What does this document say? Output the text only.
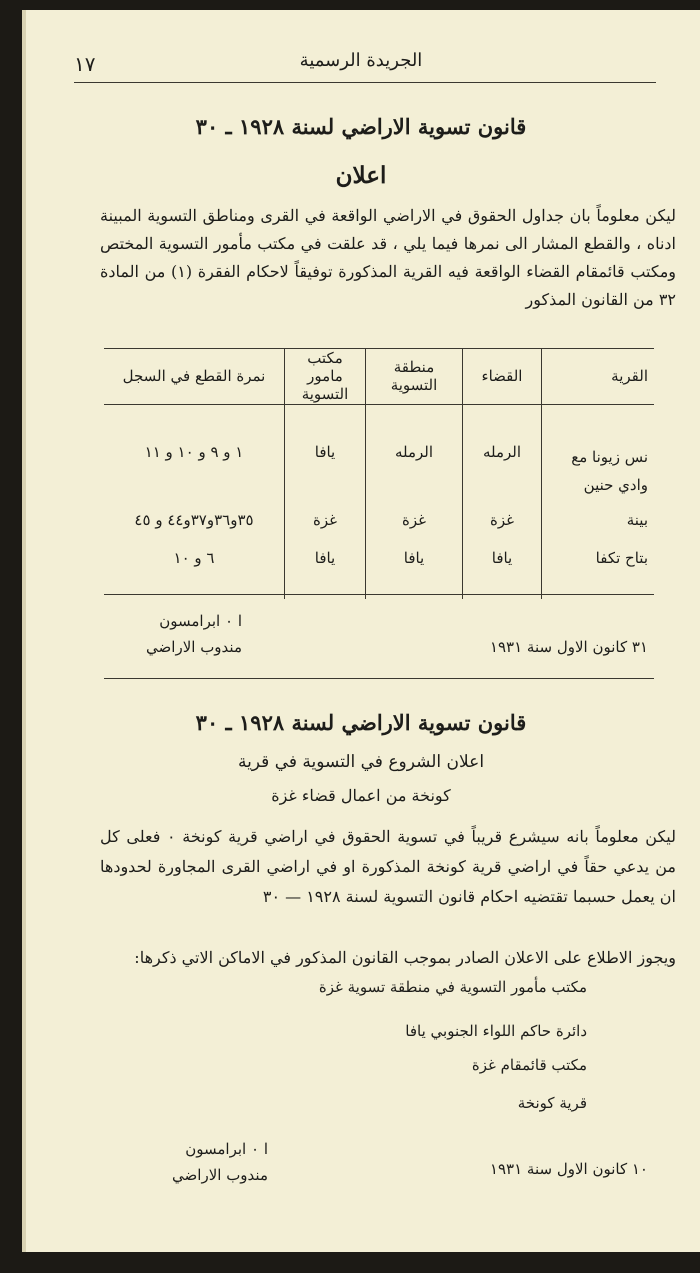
١٧	الجريدة الرسمية
قانون تسوية الاراضي لسنة ١٩٢٨ ـ ٣٠
اعلان
ليكن معلوماً بان جداول الحقوق في الاراضي الواقعة في القرى ومناطق التسوية المبينة ادناه ، والقطع المشار الى نمرها فيما يلي ، قد علقت في مكتب مأمور التسوية المختص ومكتب قائمقام القضاء الواقعة فيه القرية المذكورة توفيقاً لاحكام الفقرة (١) من المادة ٣٢ من القانون المذكور
القرية	القضاء	منطقة التسوية	مكتب مامور التسوية	نمرة القطع في السجل

نس زيونا مع وادي حنين	الرمله	الرمله	يافا	١ و ٩ و ١٠ و ١١
بينة	غزة	غزة	غزة	٣٥و٣٦و٣٧و٤٤ و ٤٥
بتاح تكفا	يافا	يافا	يافا	٦ و ١٠
ا ٠ ابرامسون
مندوب الاراضي	٣١ كانون الاول سنة ١٩٣١
قانون تسوية الاراضي لسنة ١٩٢٨ ـ ٣٠
اعلان الشروع في التسوية في قرية
كونخة من اعمال قضاء غزة
ليكن معلوماً بانه سيشرع قريباً في تسوية الحقوق في اراضي قرية كونخة ٠ فعلى كل من يدعي حقاً في اراضي قرية كونخة المذكورة او في اراضي القرى المجاورة لحدودها ان يعمل حسبما تقتضيه احكام قانون التسوية لسنة ١٩٢٨ — ٣٠
ويجوز الاطلاع على الاعلان الصادر بموجب القانون المذكور في الاماكن الاتي ذكرها:
مكتب مأمور التسوية في منطقة تسوية غزة
دائرة حاكم اللواء الجنوبي يافا
مكتب قائمقام غزة
قرية كونخة
ا ٠ ابرامسون
مندوب الاراضي	١٠ كانون الاول سنة ١٩٣١
